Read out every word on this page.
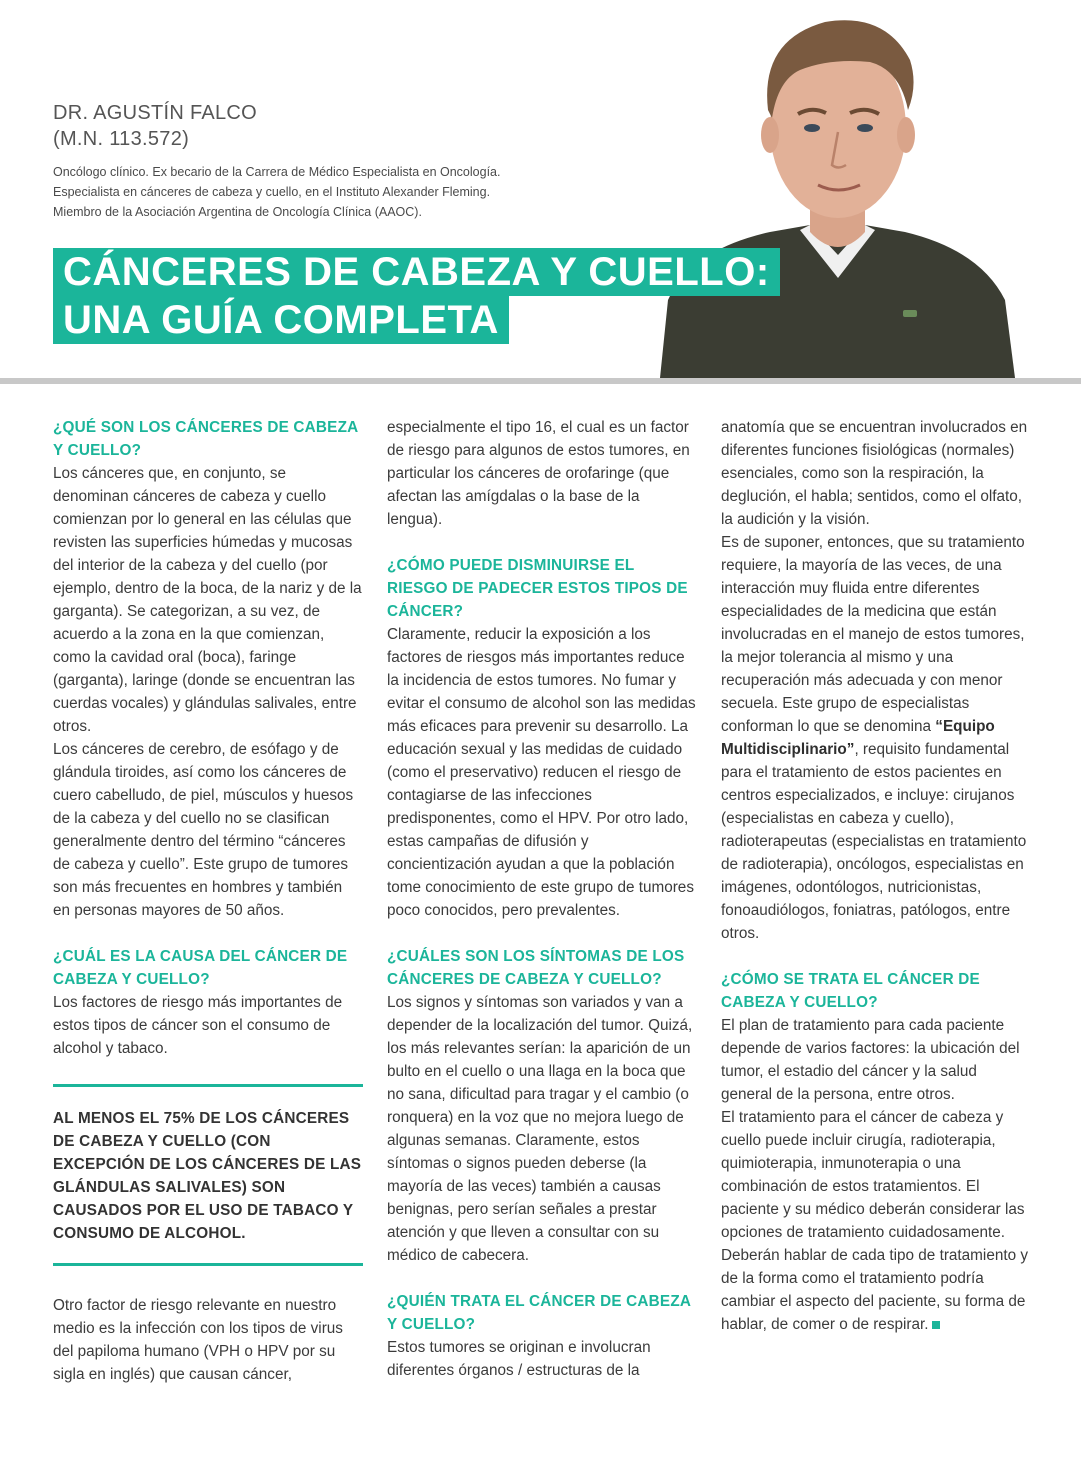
DR. AGUSTÍN FALCO
(M.N. 113.572)
Oncólogo clínico. Ex becario de la Carrera de Médico Especialista en Oncología.
Especialista en cánceres de cabeza y cuello, en el Instituto Alexander Fleming.
Miembro de la Asociación Argentina de Oncología Clínica (AAOC).
CÁNCERES DE CABEZA Y CUELLO:
UNA GUÍA COMPLETA
¿QUÉ SON LOS CÁNCERES DE CABEZA Y CUELLO?

Los cánceres que, en conjunto, se denominan cánceres de cabeza y cuello comienzan por lo general en las células que revisten las superficies húmedas y mucosas del interior de la cabeza y del cuello (por ejemplo, dentro de la boca, de la nariz y de la garganta). Se categorizan, a su vez, de acuerdo a la zona en la que comienzan, como la cavidad oral (boca), faringe (garganta), laringe (donde se encuentran las cuerdas vocales) y glándulas salivales, entre otros.

Los cánceres de cerebro, de esófago y de glándula tiroides, así como los cánceres de cuero cabelludo, de piel, músculos y huesos de la cabeza y del cuello no se clasifican generalmente dentro del término “cánceres de cabeza y cuello”. Este grupo de tumores son más frecuentes en hombres y también en personas mayores de 50 años.

¿CUÁL ES LA CAUSA DEL CÁNCER DE CABEZA Y CUELLO?

Los factores de riesgo más importantes de estos tipos de cáncer son el consumo de alcohol y tabaco.

AL MENOS EL 75% DE LOS CÁNCERES DE CABEZA Y CUELLO (CON EXCEPCIÓN DE LOS CÁNCERES DE LAS GLÁNDULAS SALIVALES) SON CAUSADOS POR EL USO DE TABACO Y CONSUMO DE ALCOHOL.

Otro factor de riesgo relevante en nuestro medio es la infección con los tipos de virus del papiloma humano (VPH o HPV por su sigla en inglés) que causan cáncer,

especialmente el tipo 16, el cual es un factor de riesgo para algunos de estos tumores, en particular los cánceres de orofaringe (que afectan las amígdalas o la base de la lengua).

¿CÓMO PUEDE DISMINUIRSE EL RIESGO DE PADECER ESTOS TIPOS DE CÁNCER?

Claramente, reducir la exposición a los factores de riesgos más importantes reduce la incidencia de estos tumores. No fumar y evitar el consumo de alcohol son las medidas más eficaces para prevenir su desarrollo. La educación sexual y las medidas de cuidado (como el preservativo) reducen el riesgo de contagiarse de las infecciones predisponentes, como el HPV. Por otro lado, estas campañas de difusión y concientización ayudan a que la población tome conocimiento de este grupo de tumores poco conocidos, pero prevalentes.

¿CUÁLES SON LOS SÍNTOMAS DE LOS CÁNCERES DE CABEZA Y CUELLO?

Los signos y síntomas son variados y van a depender de la localización del tumor. Quizá, los más relevantes serían: la aparición de un bulto en el cuello o una llaga en la boca que no sana, dificultad para tragar y el cambio (o ronquera) en la voz que no mejora luego de algunas semanas. Claramente, estos síntomas o signos pueden deberse (la mayoría de las veces) también a causas benignas, pero serían señales a prestar atención y que lleven a consultar con su médico de cabecera.

¿QUIÉN TRATA EL CÁNCER DE CABEZA Y CUELLO?

Estos tumores se originan e involucran diferentes órganos / estructuras de la

anatomía que se encuentran involucrados en diferentes funciones fisiológicas (normales) esenciales, como son la respiración, la deglución, el habla; sentidos, como el olfato, la audición y la visión.

Es de suponer, entonces, que su tratamiento requiere, la mayoría de las veces, de una interacción muy fluida entre diferentes especialidades de la medicina que están involucradas en el manejo de estos tumores, la mejor tolerancia al mismo y una recuperación más adecuada y con menor secuela. Este grupo de especialistas conforman lo que se denomina “Equipo Multidisciplinario”, requisito fundamental para el tratamiento de estos pacientes en centros especializados, e incluye: cirujanos (especialistas en cabeza y cuello), radioterapeutas (especialistas en tratamiento de radioterapia), oncólogos, especialistas en imágenes, odontólogos, nutricionistas, fonoaudiólogos, foniatras, patólogos, entre otros.

¿CÓMO SE TRATA EL CÁNCER DE CABEZA Y CUELLO?

El plan de tratamiento para cada paciente depende de varios factores: la ubicación del tumor, el estadio del cáncer y la salud general de la persona, entre otros.

El tratamiento para el cáncer de cabeza y cuello puede incluir cirugía, radioterapia, quimioterapia, inmunoterapia o una combinación de estos tratamientos. El paciente y su médico deberán considerar las opciones de tratamiento cuidadosamente. Deberán hablar de cada tipo de tratamiento y de la forma como el tratamiento podría cambiar el aspecto del paciente, su forma de hablar, de comer o de respirar.
